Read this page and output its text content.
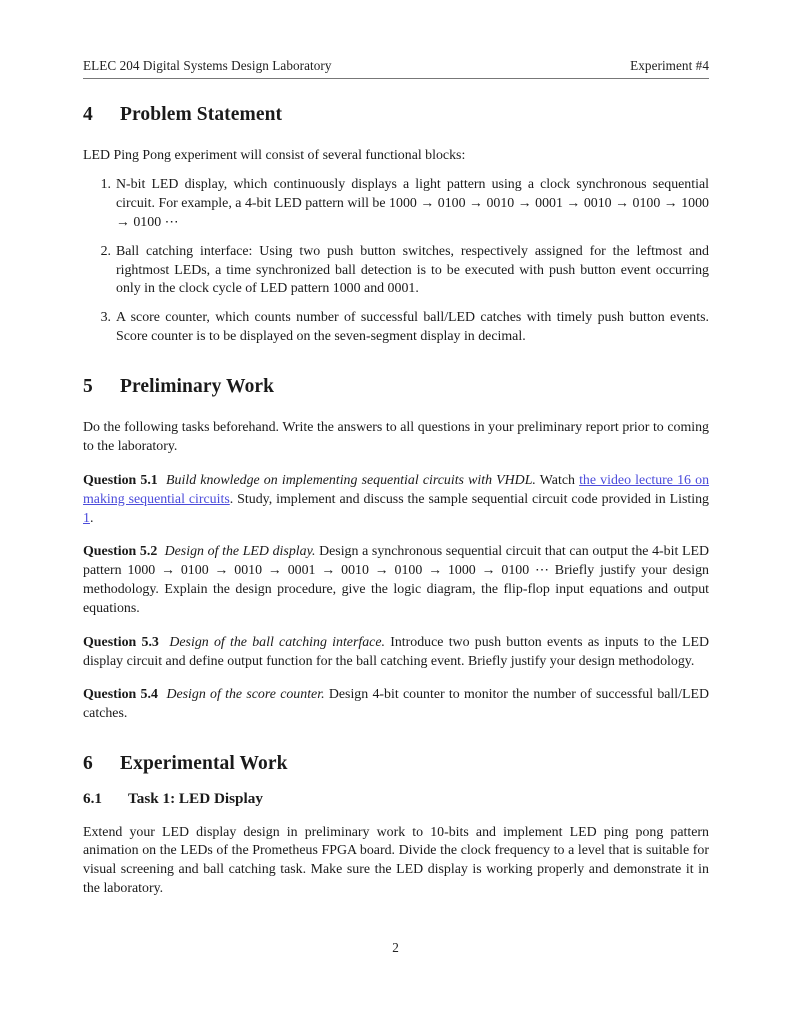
ELEC 204 Digital Systems Design Laboratory	Experiment #4
4	Problem Statement

LED Ping Pong experiment will consist of several functional blocks:

1. N-bit LED display, which continuously displays a light pattern using a clock synchronous sequential circuit. For example, a 4-bit LED pattern will be 1000 → 0100 → 0010 → 0001 → 0010 → 0100 → 1000 → 0100 ⋯
2. Ball catching interface: Using two push button switches, respectively assigned for the leftmost and rightmost LEDs, a time synchronized ball detection is to be executed with push button event occurring only in the clock cycle of LED pattern 1000 and 0001.
3. A score counter, which counts number of successful ball/LED catches with timely push button events. Score counter is to be displayed on the seven-segment display in decimal.
5	Preliminary Work

Do the following tasks beforehand. Write the answers to all questions in your preliminary report prior to coming to the laboratory.

Question 5.1 Build knowledge on implementing sequential circuits with VHDL. Watch the video lecture 16 on making sequential circuits. Study, implement and discuss the sample sequential circuit code provided in Listing 1.

Question 5.2 Design of the LED display. Design a synchronous sequential circuit that can output the 4-bit LED pattern 1000 → 0100 → 0010 → 0001 → 0010 → 0100 → 1000 → 0100 ⋯ Briefly justify your design methodology. Explain the design procedure, give the logic diagram, the flip-flop input equations and output equations.

Question 5.3 Design of the ball catching interface. Introduce two push button events as inputs to the LED display circuit and define output function for the ball catching event. Briefly justify your design methodology.

Question 5.4 Design of the score counter. Design 4-bit counter to monitor the number of successful ball/LED catches.

6	Experimental Work
6.1	Task 1: LED Display

Extend your LED display design in preliminary work to 10-bits and implement LED ping pong pattern animation on the LEDs of the Prometheus FPGA board. Divide the clock frequency to a level that is suitable for visual screening and ball catching task. Make sure the LED display is working properly and demonstrate it in the laboratory.

2
